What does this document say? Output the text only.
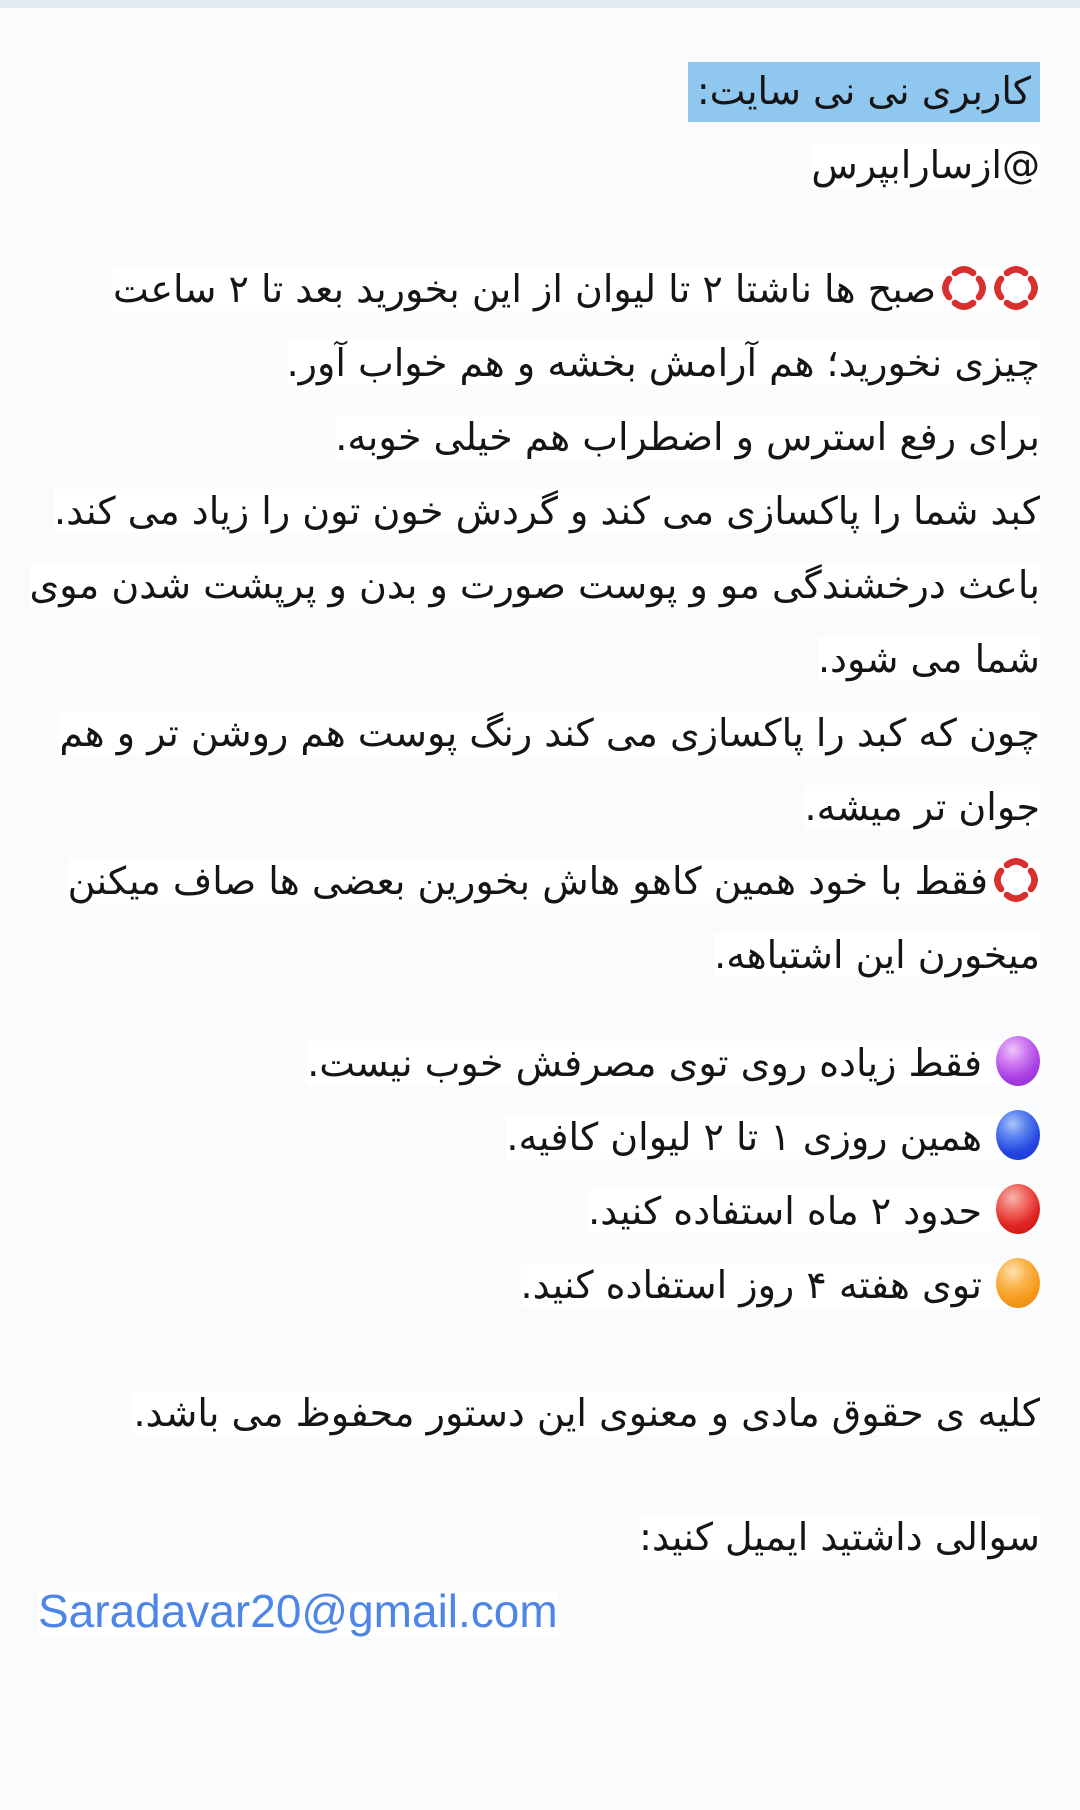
کاربری نی نی سایت:
@ازسارابپرس
صبح ها ناشتا ۲ تا لیوان از این بخورید بعد تا ۲ ساعت
چیزی نخورید؛ هم آرامش بخشه و هم خواب آور.
برای رفع استرس و اضطراب هم خیلی خوبه.
کبد شما را پاکسازی می کند و گردش خون تون را زیاد می کند.
باعث درخشندگی مو و پوست صورت و بدن و پرپشت شدن موی
شما می شود.
چون که کبد را پاکسازی می کند رنگ پوست هم روشن تر و هم
جوان تر میشه.
فقط با خود همین کاهو هاش بخورین بعضی ها صاف میکنن
میخورن این اشتباهه.
فقط زیاده روی توی مصرفش خوب نیست.
همین روزی ۱ تا ۲ لیوان کافیه.
حدود ۲ ماه استفاده کنید.
توی هفته ۴ روز استفاده کنید.
کلیه ی حقوق مادی و معنوی این دستور محفوظ می باشد.
سوالی داشتید ایمیل کنید:
Saradavar20@gmail.com
